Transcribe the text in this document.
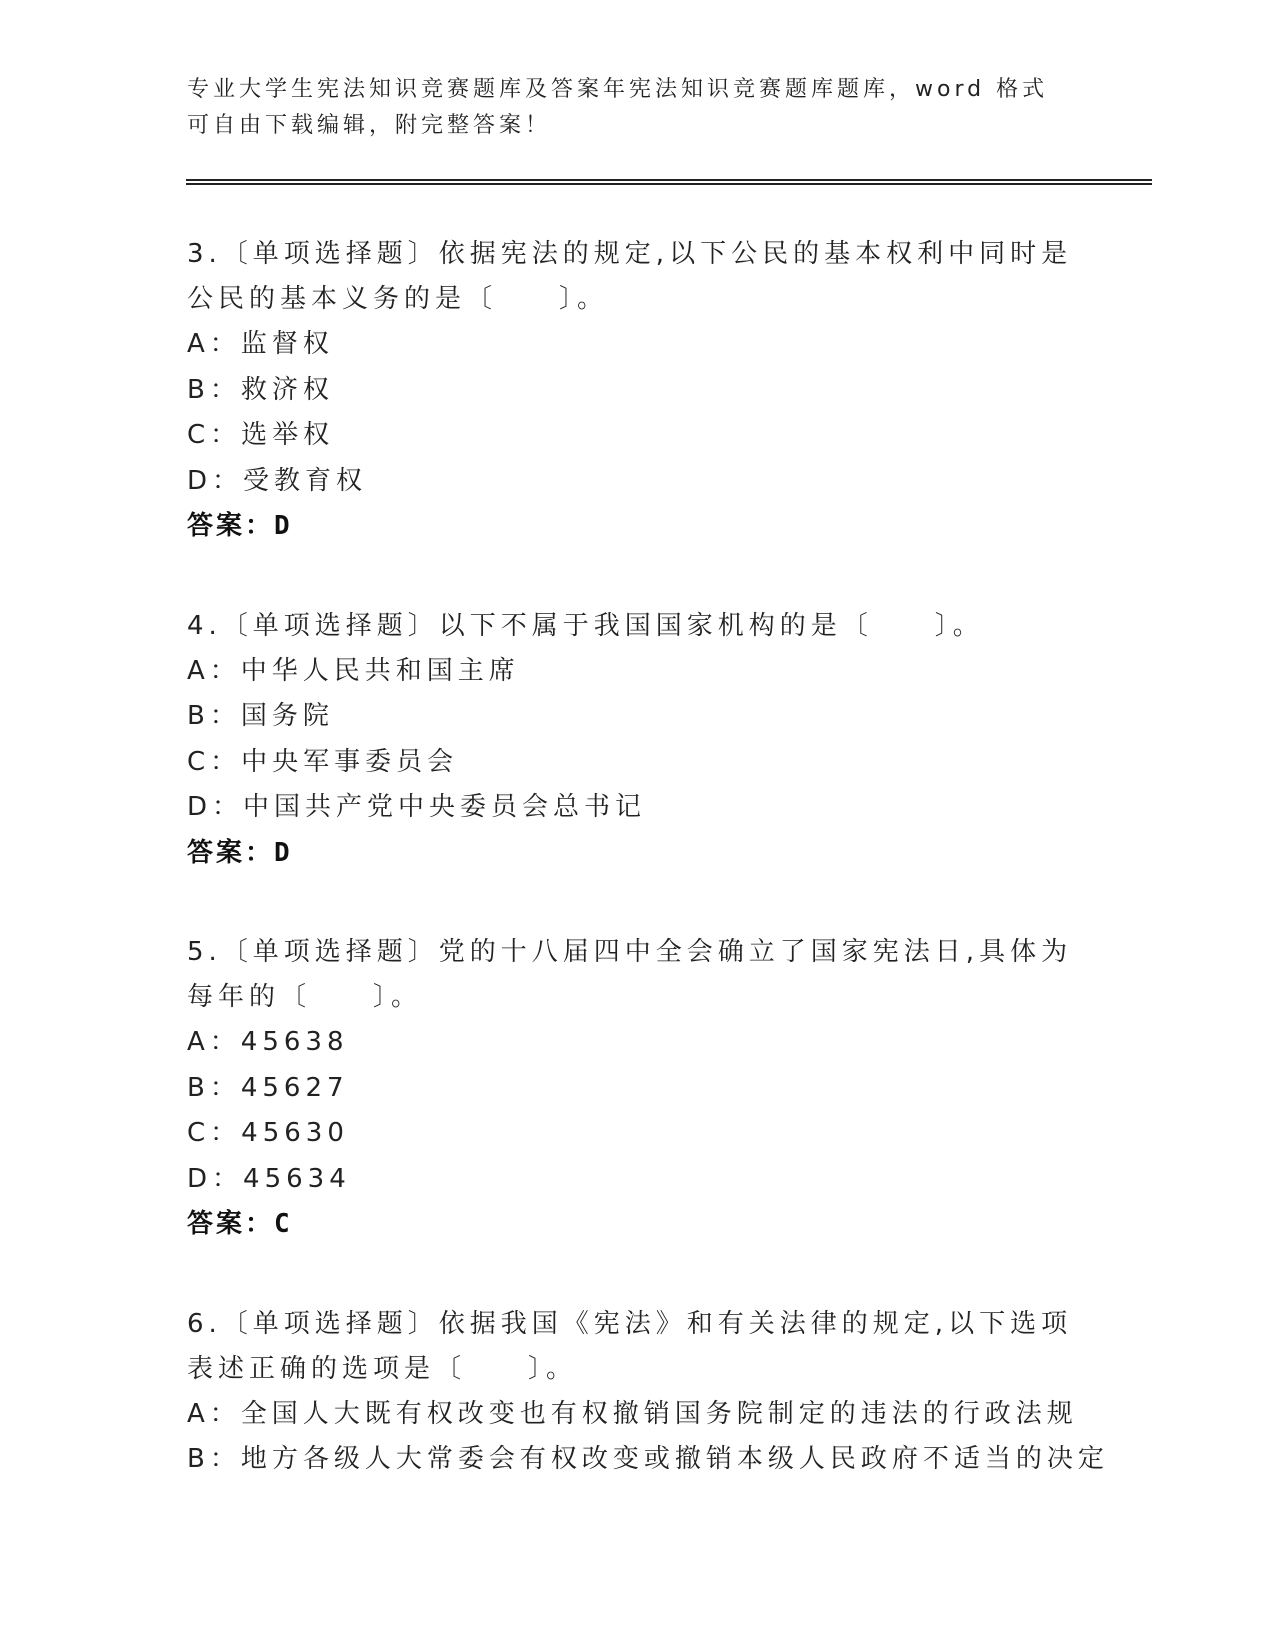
专业大学生宪法知识竞赛题库及答案年宪法知识竞赛题库题库，word 格式可自由下载编辑，附完整答案！
3.〔单项选择题〕依据宪法的规定,以下公民的基本权利中同时是公民的基本义务的是〔　　〕。
A：监督权
B：救济权
C：选举权
D：受教育权
答案：D
4.〔单项选择题〕以下不属于我国国家机构的是〔　　〕。
A：中华人民共和国主席
B：国务院
C：中央军事委员会
D：中国共产党中央委员会总书记
答案：D
5.〔单项选择题〕党的十八届四中全会确立了国家宪法日,具体为每年的〔　　〕。
A：45638
B：45627
C：45630
D：45634
答案：C
6.〔单项选择题〕依据我国《宪法》和有关法律的规定,以下选项表述正确的选项是〔　　〕。
A：全国人大既有权改变也有权撤销国务院制定的违法的行政法规
B：地方各级人大常委会有权改变或撤销本级人民政府不适当的决定
